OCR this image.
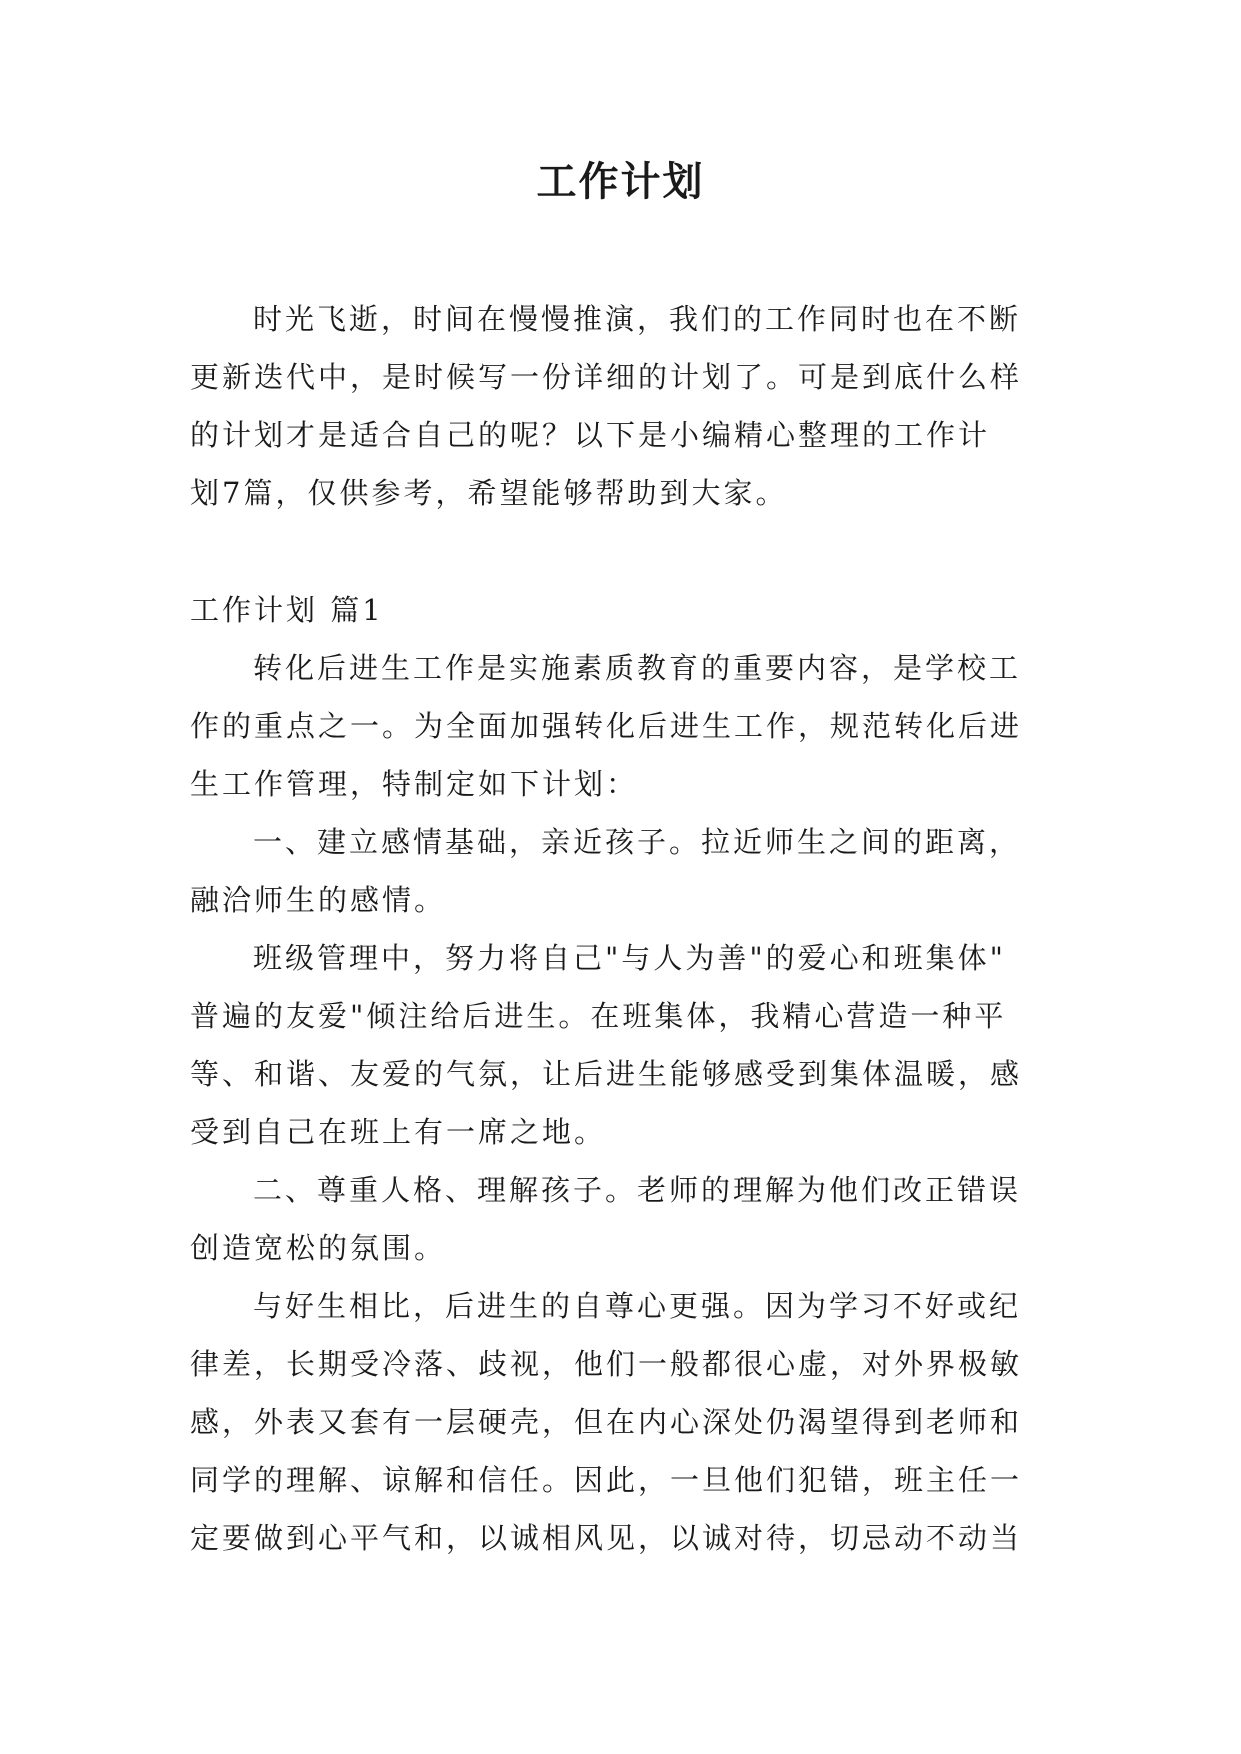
工作计划
时光飞逝，时间在慢慢推演，我们的工作同时也在不断
更新迭代中，是时候写一份详细的计划了。可是到底什么样
的计划才是适合自己的呢？以下是小编精心整理的工作计
划7篇，仅供参考，希望能够帮助到大家。
工作计划 篇1
转化后进生工作是实施素质教育的重要内容，是学校工
作的重点之一。为全面加强转化后进生工作，规范转化后进
生工作管理，特制定如下计划：
一、建立感情基础，亲近孩子。拉近师生之间的距离，
融洽师生的感情。
班级管理中，努力将自己"与人为善"的爱心和班集体"
普遍的友爱"倾注给后进生。在班集体，我精心营造一种平
等、和谐、友爱的气氛，让后进生能够感受到集体温暖，感
受到自己在班上有一席之地。
二、尊重人格、理解孩子。老师的理解为他们改正错误
创造宽松的氛围。
与好生相比，后进生的自尊心更强。因为学习不好或纪
律差，长期受冷落、歧视，他们一般都很心虚，对外界极敏
感，外表又套有一层硬壳，但在内心深处仍渴望得到老师和
同学的理解、谅解和信任。因此，一旦他们犯错，班主任一
定要做到心平气和，以诚相风见，以诚对待，切忌动不动当
